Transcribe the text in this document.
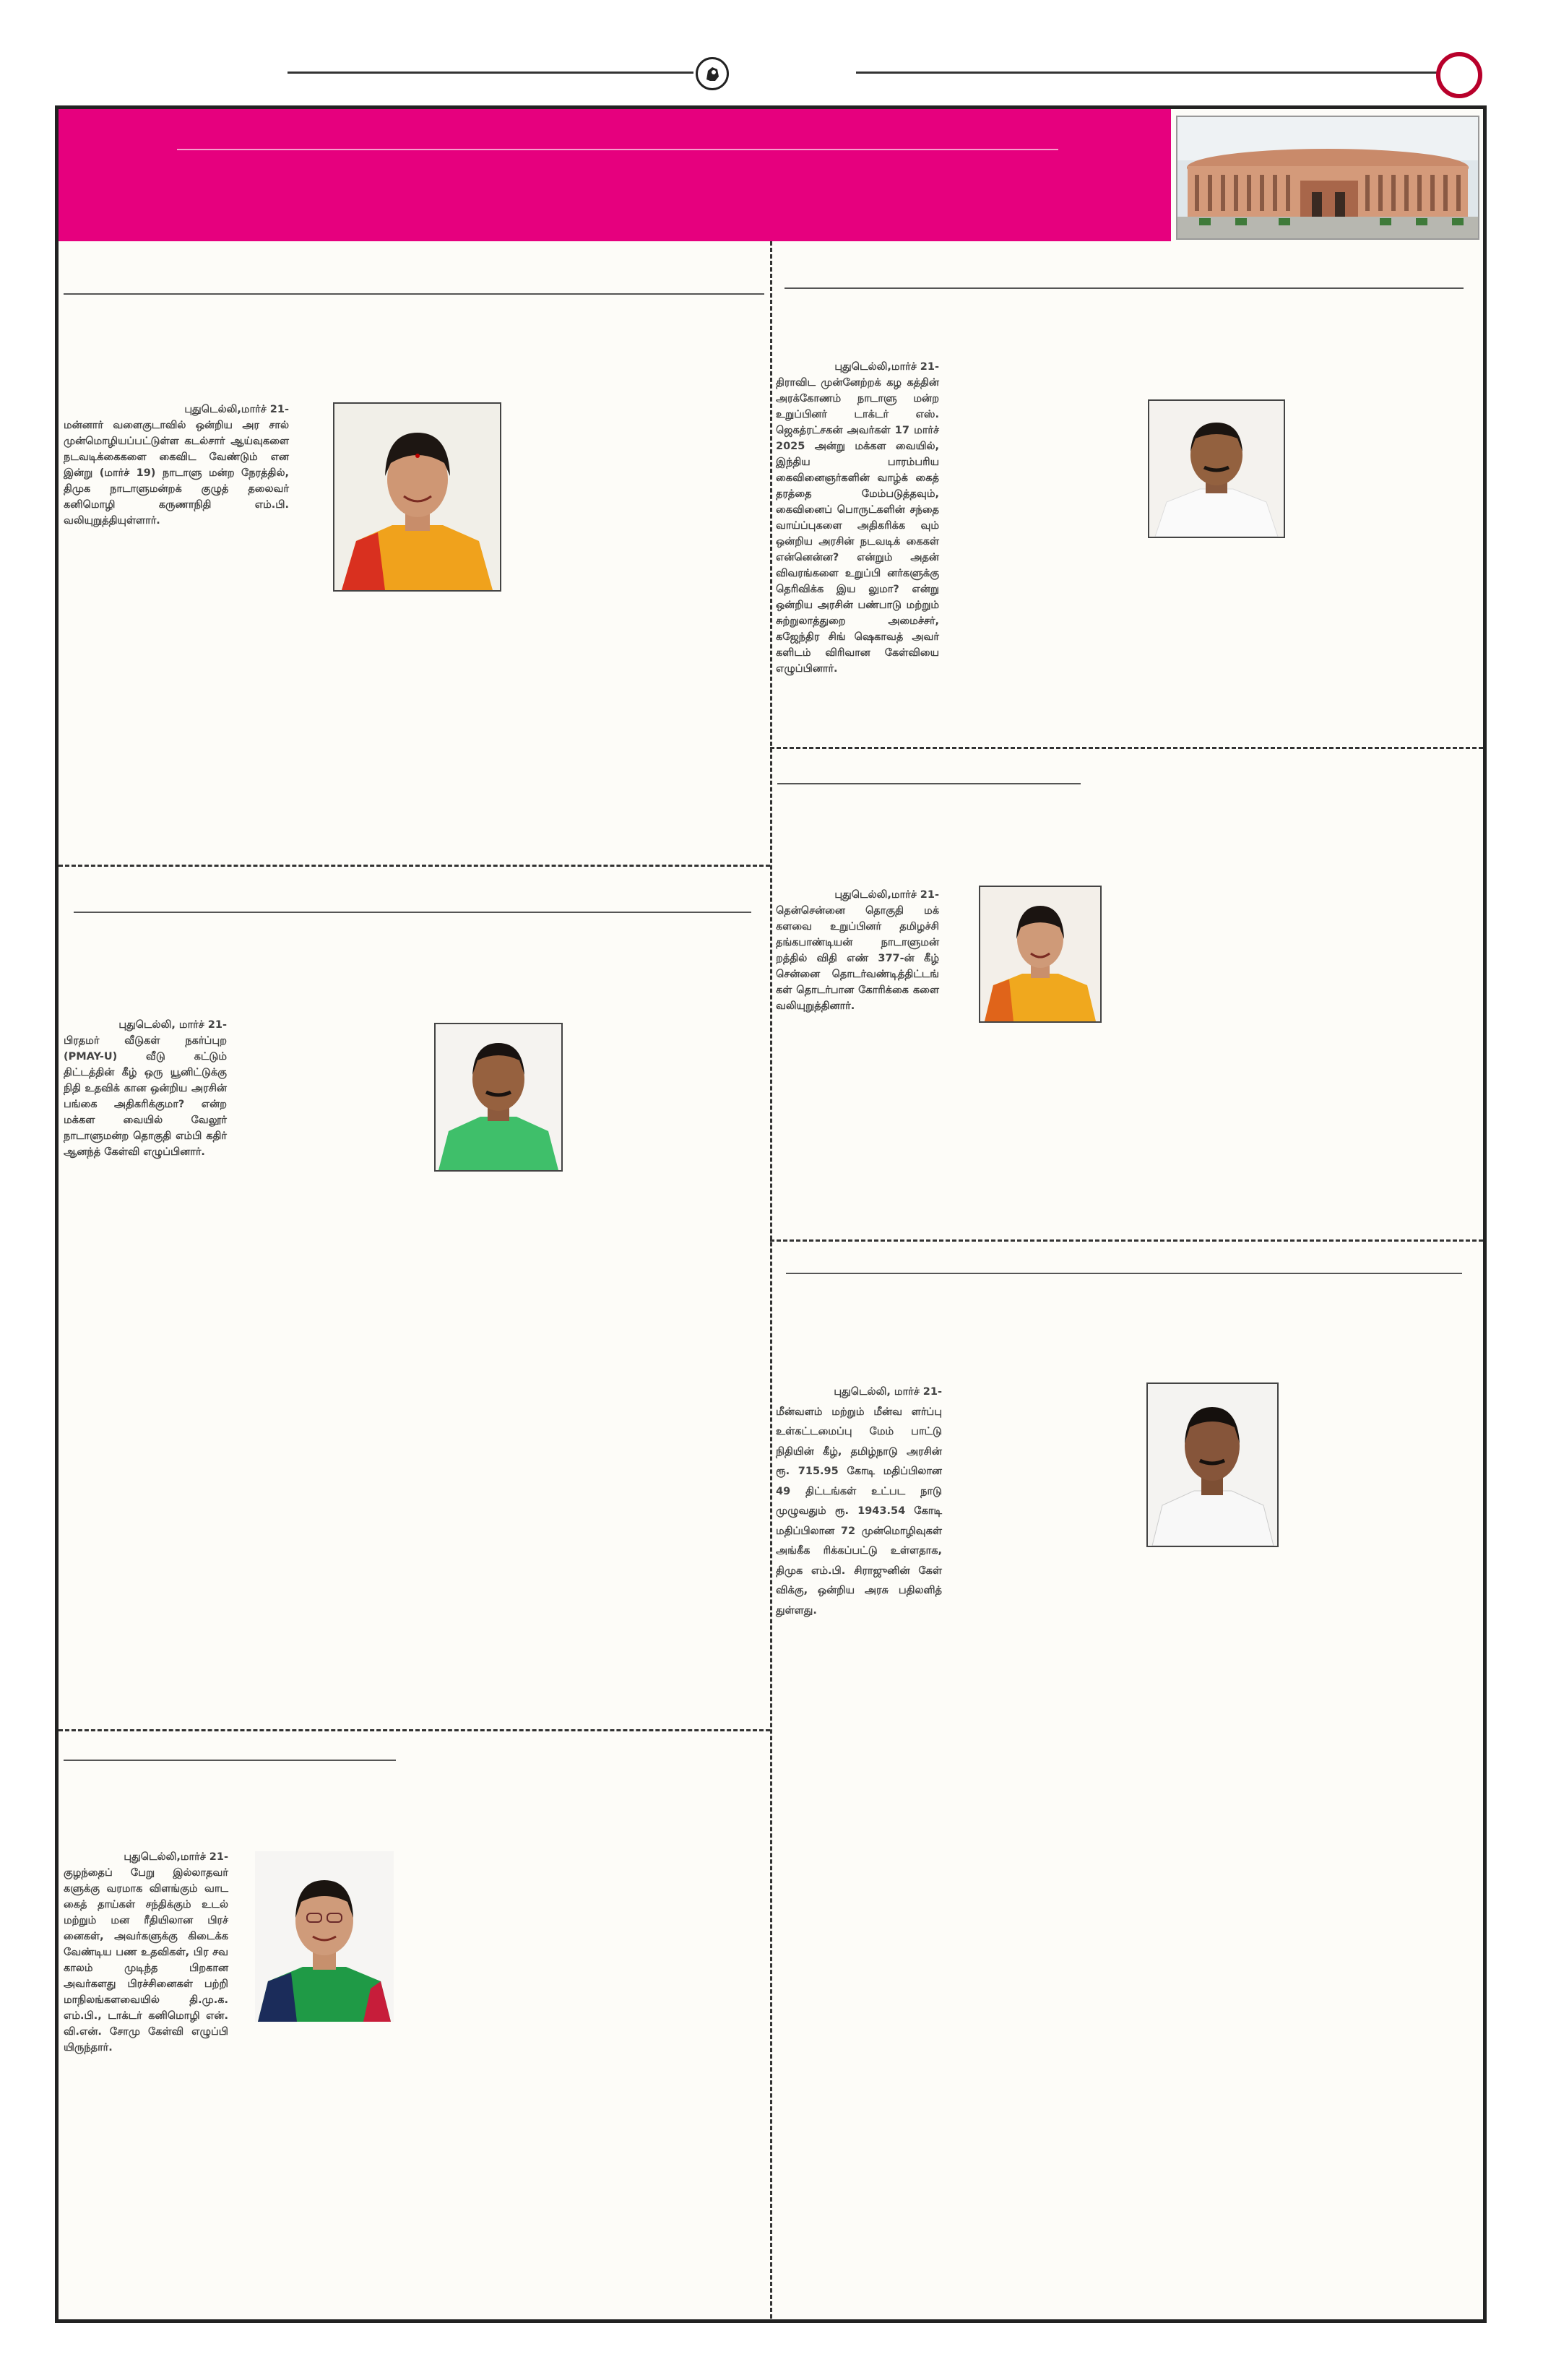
புதுடெல்லி,மார்ச் 21-
மன்னார் வளைகுடாவில் ஒன்றிய அர சால் முன்மொழியப்பட்டுள்ள கடல்சார் ஆய்வுகளை நடவடிக்கைகளை கைவிட வேண்டும் என இன்று (மார்ச் 19) நாடாளு மன்ற நேரத்தில், திமுக நாடாளுமன்றக் குழுத் தலைவர் கனிமொழி கருணாநிதி எம்.பி. வலியுறுத்தியுள்ளார்.
புதுடெல்லி,மார்ச் 21-
திராவிட முன்னேற்றக் கழ கத்தின் அரக்கோணம் நாடாளு மன்ற உறுப்பினர் டாக்டர் எஸ். ஜெகத்ரட்சகன் அவர்கள் 17 மார்ச் 2025 அன்று மக்கள வையில், இந்திய பாரம்பரிய கைவினைஞர்களின் வாழ்க் கைத் தரத்தை மேம்படுத்தவும், கைவினைப் பொருட்களின் சந்தை வாய்ப்புகளை அதிகரிக்க வும் ஒன்றிய அரசின் நடவடிக் கைகள் என்னென்ன? என்றும் அதன் விவரங்களை உறுப்பி னர்களுக்கு தெரிவிக்க இய லுமா? என்று ஒன்றிய அரசின் பண்பாடு மற்றும் சுற்றுலாத்துறை அமைச்சர், கஜேந்திர சிங் ஷெகாவத் அவர் களிடம் விரிவான கேள்வியை எழுப்பினார்.
புதுடெல்லி,மார்ச் 21-
தென்சென்னை தொகுதி மக் களவை உறுப்பினர் தமிழச்சி தங்கபாண்டியன் நாடாளுமன் றத்தில் விதி எண் 377-ன் கீழ் சென்னை தொடர்வண்டித்திட்டங் கள் தொடர்பான கோரிக்கை களை வலியுறுத்தினார்.
புதுடெல்லி, மார்ச் 21-
பிரதமர் வீடுகள் நகர்ப்புற (PMAY-U) வீடு கட்டும் திட்டத்தின் கீழ் ஒரு யூனிட்டுக்கு நிதி உதவிக் கான ஒன்றிய அரசின் பங்கை அதிகரிக்குமா? என்ற மக்கள வையில் வேலூர் நாடாளுமன்ற தொகுதி எம்பி கதிர் ஆனந்த் கேள்வி எழுப்பினார்.
புதுடெல்லி, மார்ச் 21-
மீன்வளம் மற்றும் மீன்வ ளர்ப்பு உள்கட்டமைப்பு மேம் பாட்டு நிதியின் கீழ், தமிழ்நாடு அரசின் ரூ. 715.95 கோடி மதிப்பிலான 49 திட்டங்கள் உட்பட நாடு முழுவதும் ரூ. 1943.54 கோடி மதிப்பிலான 72 முன்மொழிவுகள் அங்கீக ரிக்கப்பட்டு உள்ளதாக, திமுக எம்.பி. சிராஜுனின் கேள் விக்கு, ஒன்றிய அரசு பதிலளித் துள்ளது.
புதுடெல்லி,மார்ச் 21-
குழந்தைப் பேறு இல்லாதவர் களுக்கு வரமாக விளங்கும் வாட கைத் தாய்கள் சந்திக்கும் உடல் மற்றும் மன ரீதியிலான பிரச் னைகள், அவர்களுக்கு கிடைக்க வேண்டிய பண உதவிகள், பிர சவ காலம் முடிந்த பிறகான அவர்களது பிரச்சினைகள் பற்றி மாநிலங்களவையில் தி.மு.க. எம்.பி., டாக்டர் கனிமொழி என். வி.என். சோமு கேள்வி எழுப்பி யிருந்தார்.
